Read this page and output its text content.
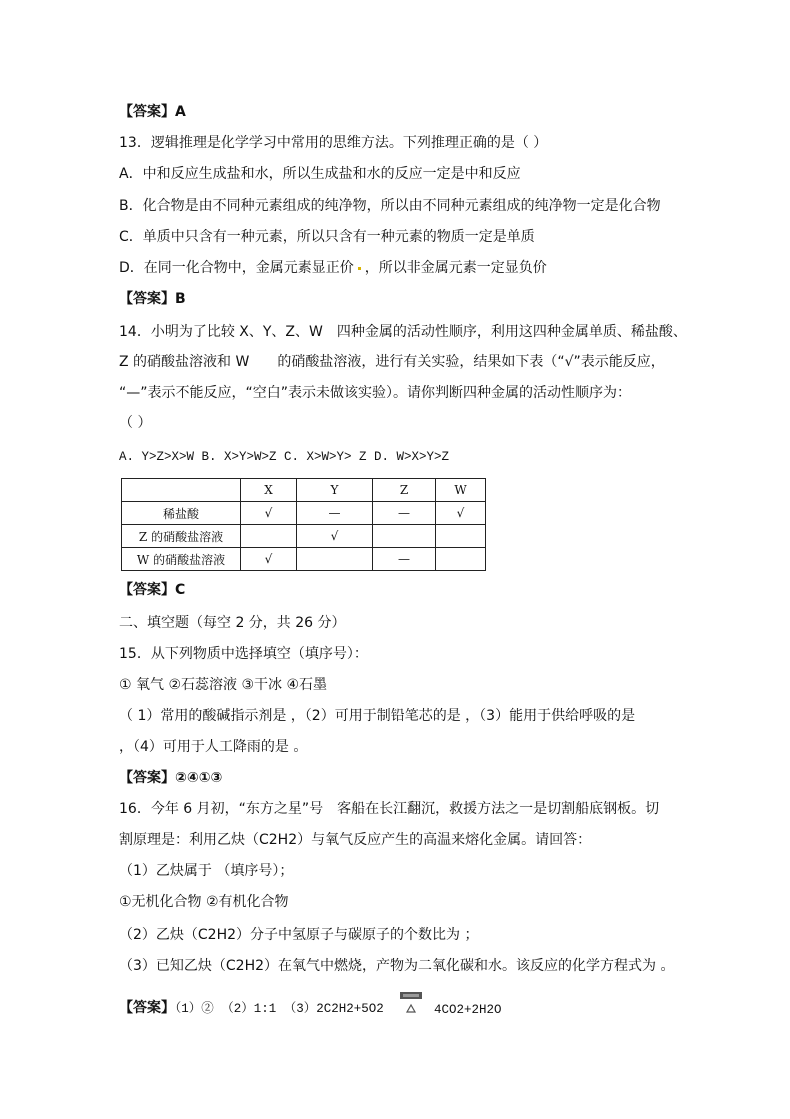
【答案】A
13．逻辑推理是化学学习中常用的思维方法。下列推理正确的是（ ）
A．中和反应生成盐和水，所以生成盐和水的反应一定是中和反应
B．化合物是由不同种元素组成的纯净物，所以由不同种元素组成的纯净物一定是化合物
C．单质中只含有一种元素，所以只含有一种元素的物质一定是单质
D．在同一化合物中，金属元素显正价 ，所以非金属元素一定显负价
【答案】B
14．小明为了比较 X、Y、Z、W　四种金属的活动性顺序，利用这四种金属单质、稀盐酸、
Z 的硝酸盐溶液和 W　　的硝酸盐溶液，进行有关实验，结果如下表（“√”表示能反应，
“—”表示不能反应，“空白”表示未做该实验）。请你判断四种金属的活动性顺序为：
（ ）
A. Y>Z>X>W B. X>Y>W>Z C. X>W>Y> Z D. W>X>Y>Z
	X	Y	Z	W
稀盐酸	√	—	—	√
Z 的硝酸盐溶液		√		
W 的硝酸盐溶液	√		—	
【答案】C
二、填空题（每空 2 分，共 26 分）
15．从下列物质中选择填空（填序号）：
① 氧气 ②石蕊溶液 ③干冰 ④石墨
（ 1）常用的酸碱指示剂是 ，（2）可用于制铅笔芯的是 ，（3）能用于供给呼吸的是
，（4）可用于人工降雨的是 。
【答案】②④①③
16．今年 6 月初，“东方之星”号　客船在长江翻沉，救援方法之一是切割船底钢板。切
割原理是：利用乙炔（C2H2）与氧气反应产生的高温来熔化金属。请回答：
（1）乙炔属于 （填序号）；
①无机化合物 ②有机化合物
（2）乙炔（C2H2）分子中氢原子与碳原子的个数比为 ；
（3）已知乙炔（C2H2）在氧气中燃烧，产物为二氧化碳和水。该反应的化学方程式为 。
【答案】（1）② （2）1:1 （3）2C2H2+5O2	4CO2+2H2O
